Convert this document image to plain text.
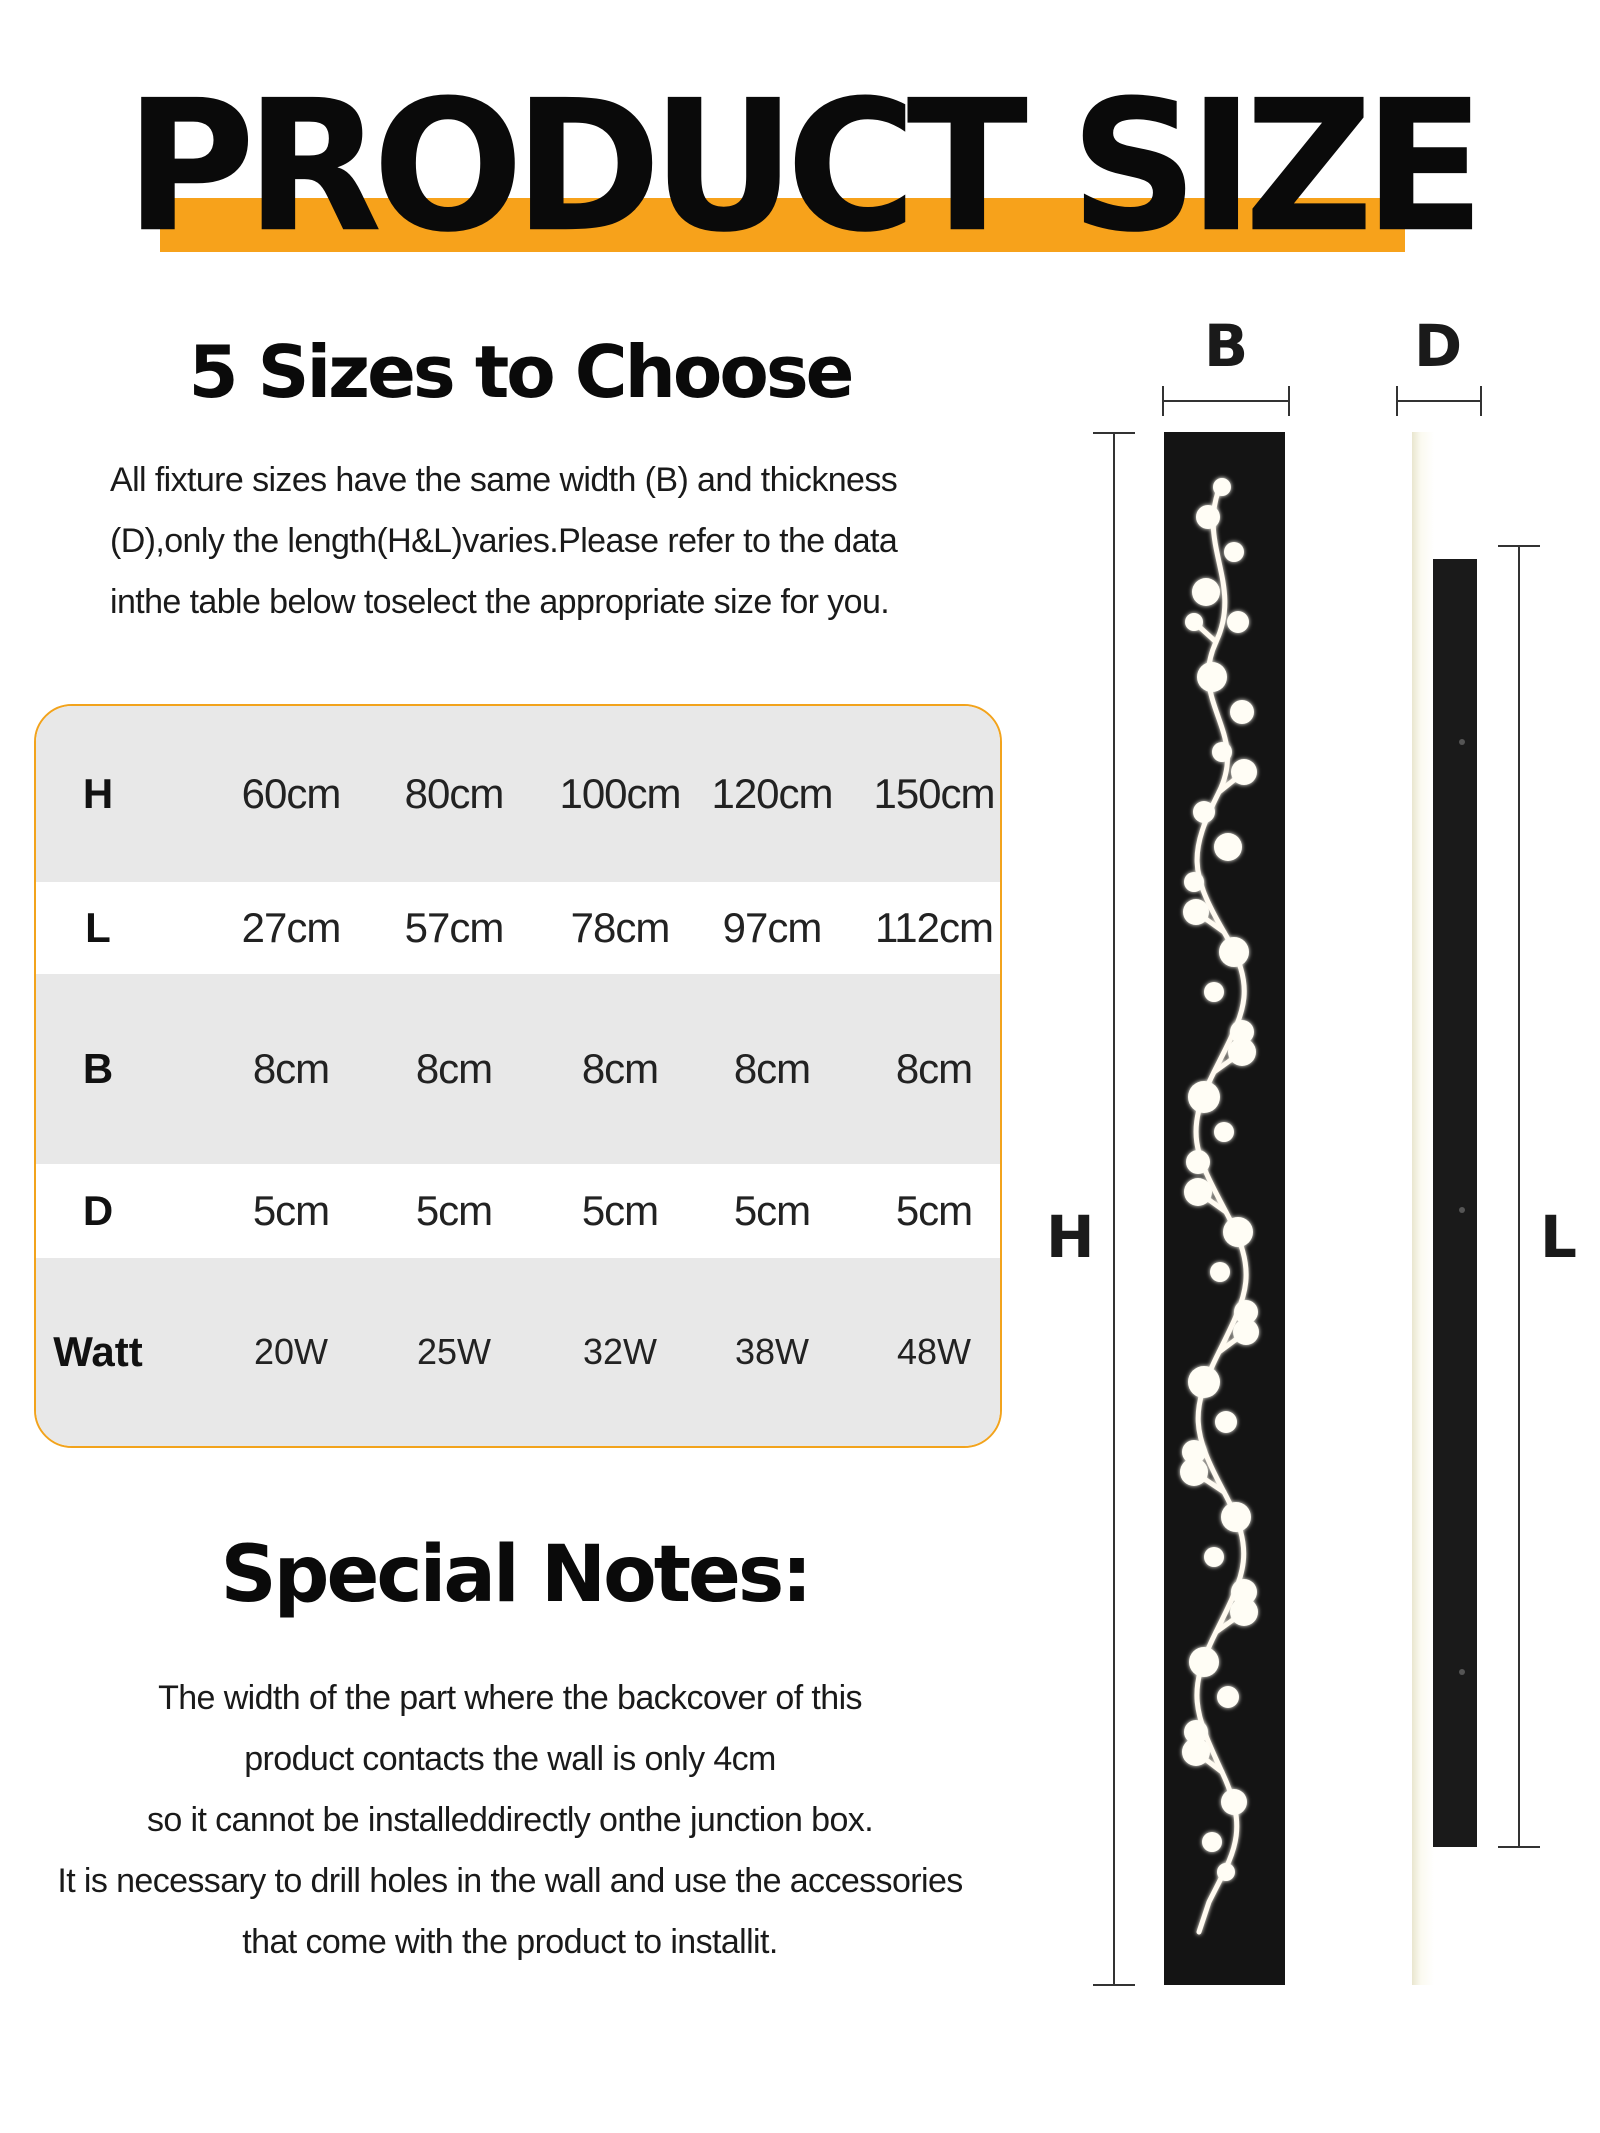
PRODUCT SIZE
5 Sizes to Choose
All fixture sizes have the same width (B) and thickness
(D),only the length(H&L)varies.Please refer to the data
inthe table below toselect the appropriate size for you.
H	60cm	80cm	100cm 120cm 150cm
L	27cm	57cm	78cm	97cm	112cm
B	8cm	8cm	8cm	8cm	8cm
D	5cm	5cm	5cm	5cm	5cm
Watt	20W	25W	32W	38W	48W
Special Notes:
The width of the part where the backcover of this
product contacts the wall is only 4cm
so it cannot be installeddirectly onthe junction box.
It is necessary to drill holes in the wall and use the accessories
that come with the product to installit.
B	D
H	L
